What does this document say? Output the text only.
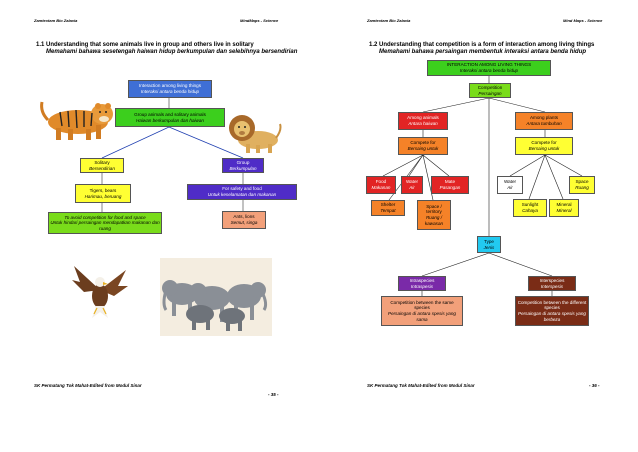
Zamtextam Bio Zalaxia	MindMaps - Science
1.1 Understanding that some animals live in group and others live in solitary
Memahami bahawa sesetengah haiwan hidup berkumpulan dan selebihnya bersendirian
Interaction among living things
Interaksi antara benda hidup
Group animals and solitary animals
Haiwan berkumpulan dan haiwan
Solitary
Bersendirian
Tigers, bears
Harimau, beruang
To avoid competition for food and space
Untuk hindari persaingan mendapatkan makanan dan ruang
Group
Berkumpulan
For safety and food
Untuk keselamatan dan makanan
Ants, lions
Semut, singa
SK Permatang Tok Mahat-Edited from Modul Sinar
- 35 -
Zamtextam Bio Zalaxia	Mind Maps - Science
1.2 Understanding that competition is a form of interaction among living things
Memahami bahawa persaingan membentuk interaksi antara benda hidup
INTERACTION AMONG LIVING THINGS
Interaksi antara benda hidup
Competition
Persaingan
Among animals
Antara haiwan
Compete for
Bersaing untuk
Food
Makanan
Water
Air
Mate
Pasangan
Shelter
Tempat
Space / territory
Ruang / kawasan
Among plants
Antara tumbuhan
Compete for
Bersaing untuk
Water
Air
Space
Ruang
Sunlight
Cahaya
Mineral
Mineral
Type
Jenis
Intraspecies
Intraspesis
Interspecies
Interspesis
Competition between the same species
Persaingan di antara spesis yang sama
Competition between the different species
Persaingan di antara spesis yang berbeza
SK Permatang Tok Mahat-Edited from Modul Sinar	- 36 -
